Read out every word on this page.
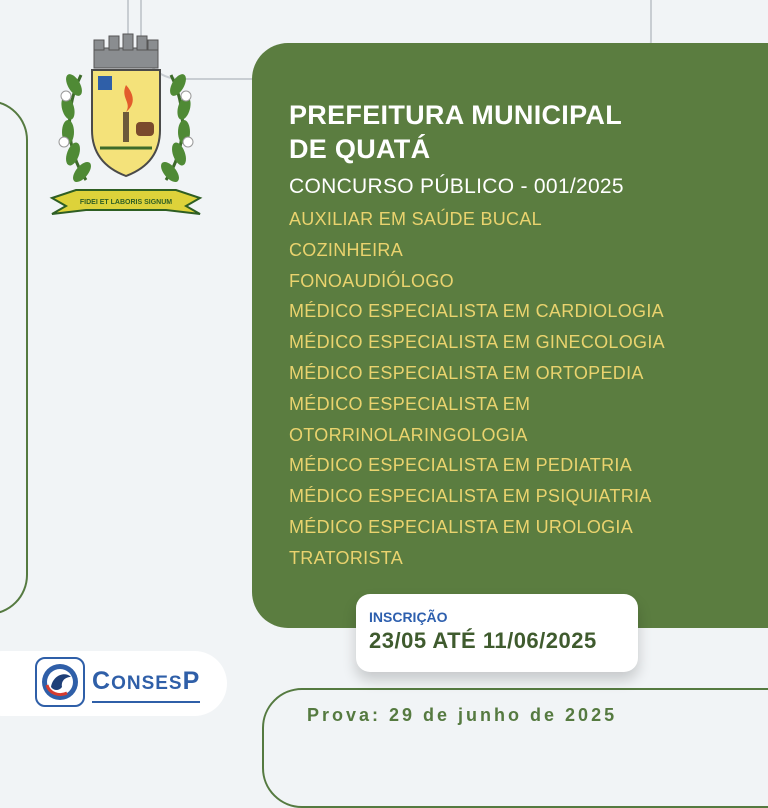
FIDEI ET LABORIS SIGNUM
PREFEITURA MUNICIPAL
DE QUATÁ
CONCURSO PÚBLICO - 001/2025
AUXILIAR EM SAÚDE BUCAL
COZINHEIRA
FONOAUDIÓLOGO
MÉDICO ESPECIALISTA EM CARDIOLOGIA
MÉDICO ESPECIALISTA EM GINECOLOGIA
MÉDICO ESPECIALISTA EM ORTOPEDIA
MÉDICO ESPECIALISTA EM
OTORRINOLARINGOLOGIA
MÉDICO ESPECIALISTA EM PEDIATRIA
MÉDICO ESPECIALISTA EM PSIQUIATRIA
MÉDICO ESPECIALISTA EM UROLOGIA
TRATORISTA
INSCRIÇÃO
23/05 ATÉ 11/06/2025
Prova: 29 de junho de 2025
CONSESP
